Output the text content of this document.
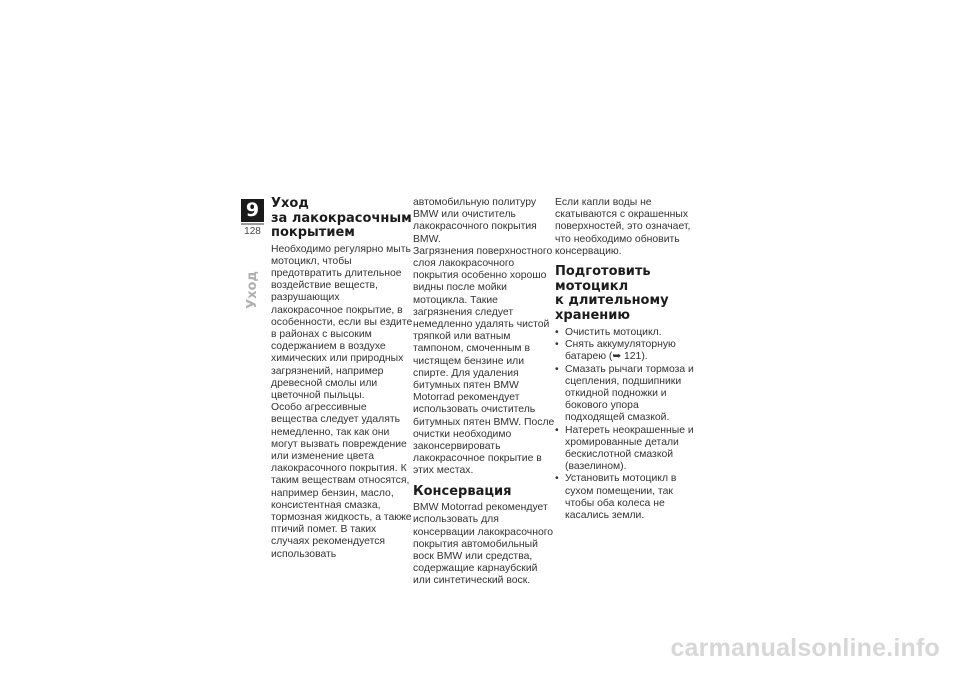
9
128
Уход
Уход
за лакокрасочным
покрытием

Необходимо регулярно мыть мотоцикл, чтобы предотвратить длительное воздействие веществ, разрушающих лакокрасочное покрытие, в особенности, если вы ездите в районах с высоким содержанием в воздухе химических или природных загрязнений, например древесной смолы или цветочной пыльцы.

Особо агрессивные вещества следует удалять немедленно, так как они могут вызвать повреждение или изменение цвета лакокрасочного покрытия. К таким веществам относятся, например бензин, масло, консистентная смазка, тормозная жидкость, а также птичий помет. В таких случаях рекомендуется использовать

автомобильную политуру BMW или очиститель лакокрасочного покрытия BMW.

Загрязнения поверхностного слоя лакокрасочного покрытия особенно хорошо видны после мойки мотоцикла. Такие загрязнения следует немедленно удалять чистой тряпкой или ватным тампоном, смоченным в чистящем бензине или спирте. Для удаления битумных пятен BMW Motorrad рекомендует использовать очиститель битумных пятен BMW. После очистки необходимо законсервировать лакокрасочное покрытие в этих местах.

Консервация

BMW Motorrad рекомендует использовать для консервации лакокрасочного покрытия автомобильный воск BMW или средства, содержащие карнаубский или синтетический воск.

Если капли воды не скатываются с окрашенных поверхностей, это означает, что необходимо обновить консервацию.

Подготовить мотоцикл
к длительному
хранению
• Очистить мотоцикл.
• Снять аккумуляторную батарею (➥ 121).
• Смазать рычаги тормоза и сцепления, подшипники откидной подножки и бокового упора подходящей смазкой.
• Натереть неокрашенные и хромированные детали бескислотной смазкой (вазелином).
• Установить мотоцикл в сухом помещении, так чтобы оба колеса не касались земли.
carmanualsonline.info
